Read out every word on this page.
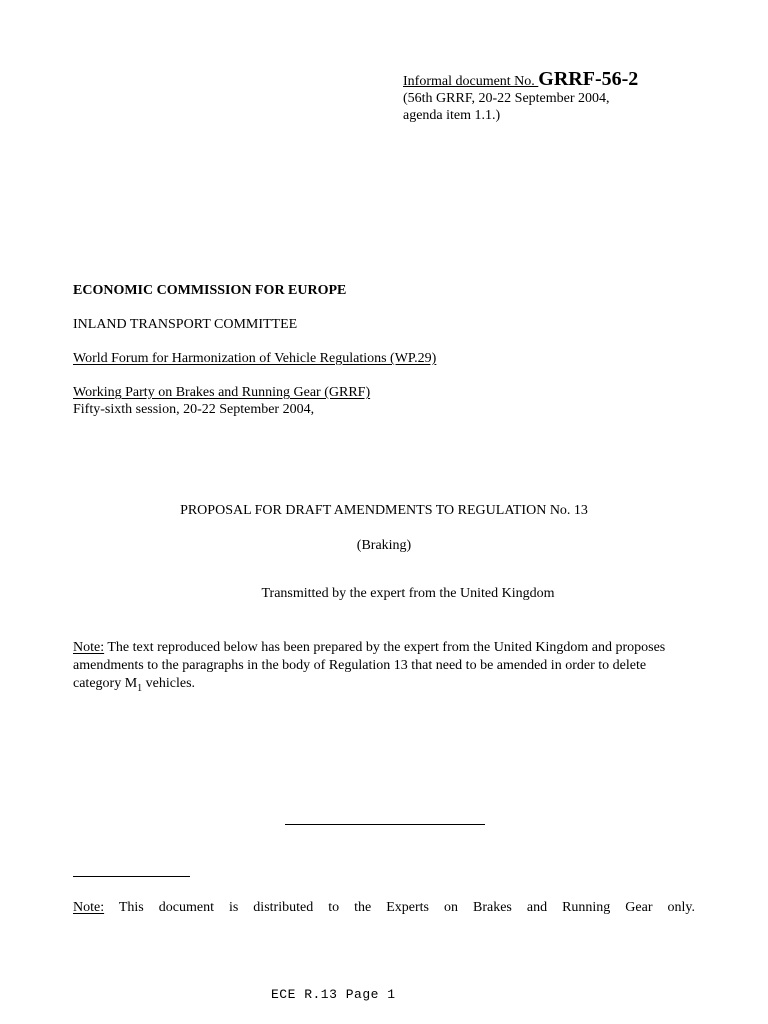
Informal document No. GRRF-56-2
(56th GRRF, 20-22 September 2004,
agenda item 1.1.)
ECONOMIC COMMISSION FOR EUROPE
INLAND TRANSPORT COMMITTEE
World Forum for Harmonization of Vehicle Regulations (WP.29)
Working Party on Brakes and Running Gear (GRRF)
Fifty-sixth session, 20-22 September 2004,
PROPOSAL FOR DRAFT AMENDMENTS TO REGULATION No. 13
(Braking)
Transmitted by the expert from the United Kingdom
Note: The text reproduced below has been prepared by the expert from the United Kingdom and proposes amendments to the paragraphs in the body of Regulation 13 that need to be amended in order to delete category $M_1$ vehicles.
Note: This document is distributed to the Experts on Brakes and Running Gear only.
ECE R.13 Page 1
